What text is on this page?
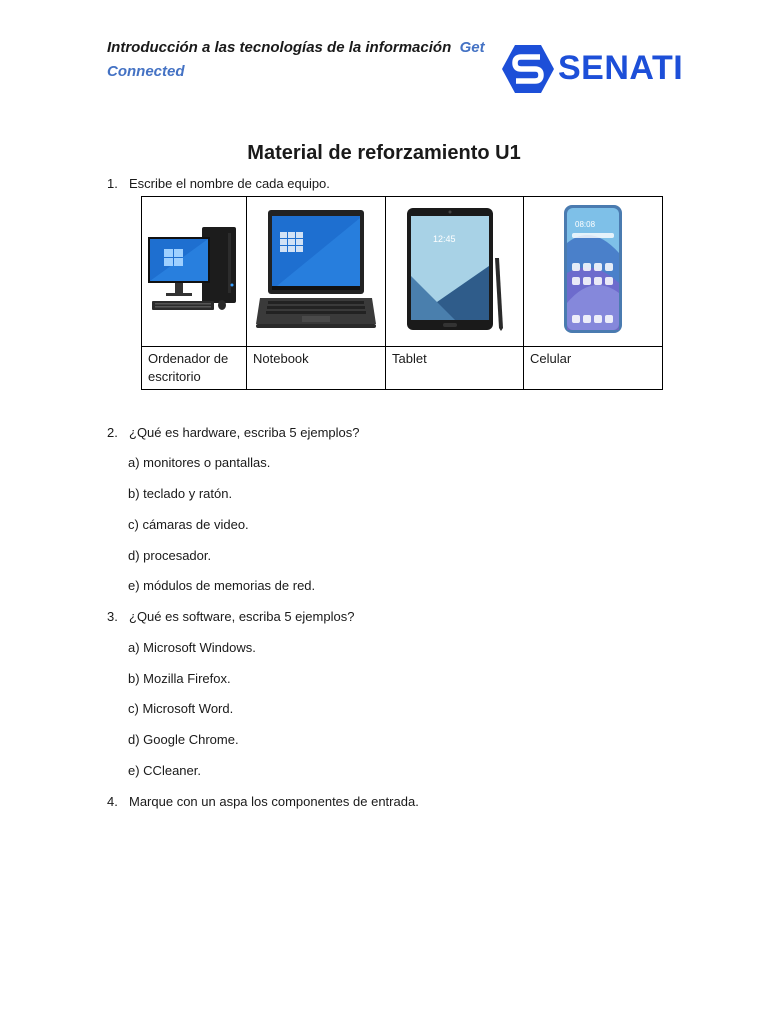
Introducción a las tecnologías de la información Get Connected	SENATI
Material de reforzamiento U1
1. Escribe el nombre de cada equipo.

12:45	08:08

Ordenador de escritorio	Notebook	Tablet	Celular
2. ¿Qué es hardware, escriba 5 ejemplos?
a) monitores o pantallas.
b) teclado y ratón.
c) cámaras de video.
d) procesador.
e) módulos de memorias de red.
3. ¿Qué es software, escriba 5 ejemplos?
a) Microsoft Windows.
b) Mozilla Firefox.
c) Microsoft Word.
d) Google Chrome.
e) CCleaner.
4. Marque con un aspa los componentes de entrada.
